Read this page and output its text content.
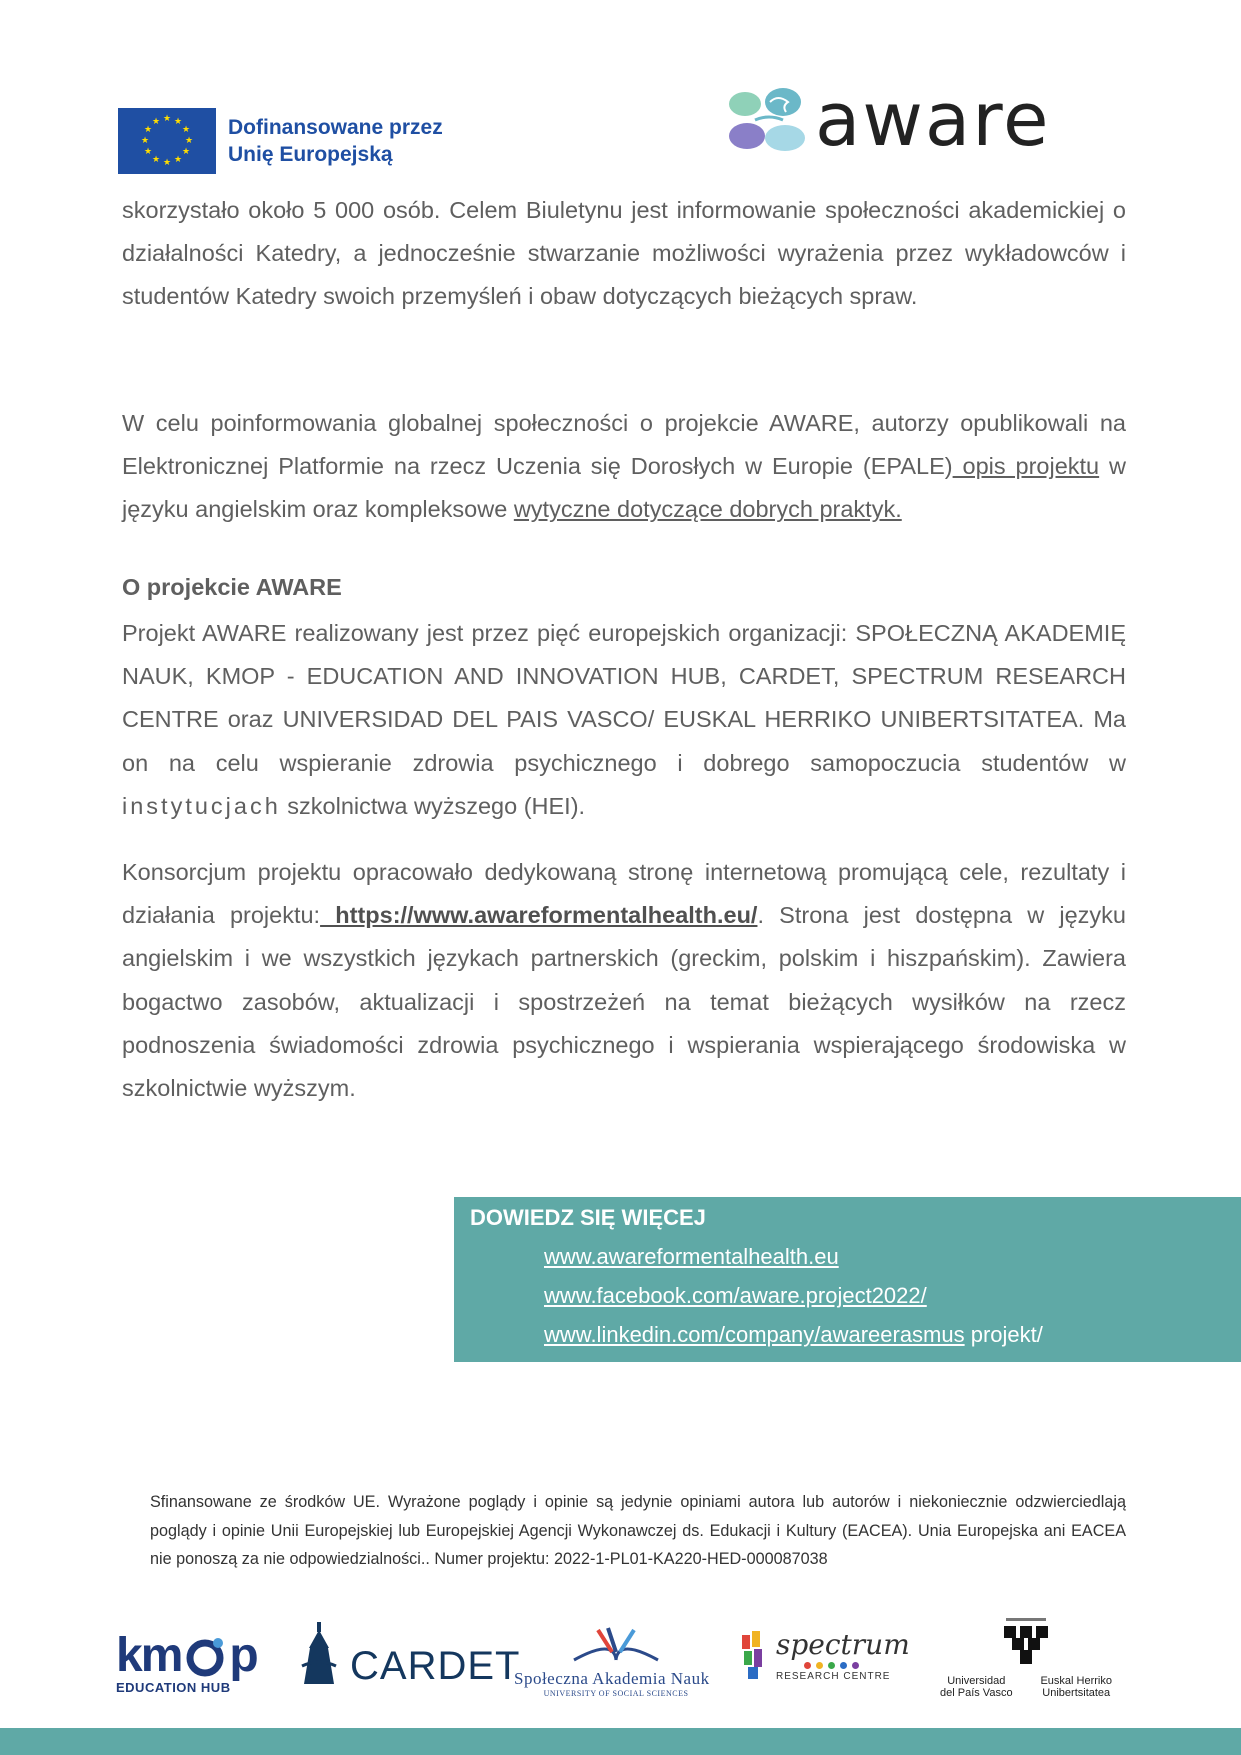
★ ★
★
★
★
★
★
★
★
★
★
★	Dofinansowane przez
Unię Europejską	aware

skorzystało około 5 000 osób. Celem Biuletynu jest informowanie społeczności akademickiej o działalności Katedry, a jednocześnie stwarzanie możliwości wyrażenia przez wykładowców i studentów Katedry swoich przemyśleń i obaw dotyczących bieżących spraw.

W celu poinformowania globalnej społeczności o projekcie AWARE, autorzy opublikowali na Elektronicznej Platformie na rzecz Uczenia się Dorosłych w Europie (EPALE) opis projektu w języku angielskim oraz kompleksowe wytyczne dotyczące dobrych praktyk.

O projekcie AWARE

Projekt AWARE realizowany jest przez pięć europejskich organizacji: SPOŁECZNĄ AKADEMIĘ NAUK, KMOP - EDUCATION AND INNOVATION HUB, CARDET, SPECTRUM RESEARCH CENTRE oraz UNIVERSIDAD DEL PAIS VASCO/ EUSKAL HERRIKO UNIBERTSITATEA. Ma on na celu wspieranie zdrowia psychicznego i dobrego samopoczucia studentów w instytucjach szkolnictwa wyższego (HEI).

Konsorcjum projektu opracowało dedykowaną stronę internetową promującą cele, rezultaty i działania projektu: https://www.awareformentalhealth.eu/. Strona jest dostępna w języku angielskim i we wszystkich językach partnerskich (greckim, polskim i hiszpańskim). Zawiera bogactwo zasobów, aktualizacji i spostrzeżeń na temat bieżących wysiłków na rzecz podnoszenia świadomości zdrowia psychicznego i wspierania wspierającego środowiska w szkolnictwie wyższym.

DOWIEDZ SIĘ WIĘCEJ
www.awareformentalhealth.eu
www.facebook.com/aware.project2022/
www.linkedin.com/company/awareerasmus projekt/

Sfinansowane ze środków UE. Wyrażone poglądy i opinie są jedynie opiniami autora lub autorów i niekoniecznie odzwierciedlają poglądy i opinie Unii Europejskiej lub Europejskiej Agencji Wykonawczej ds. Edukacji i Kultury (EACEA). Unia Europejska ani EACEA nie ponoszą za nie odpowiedzialności.. Numer projektu: 2022-1-PL01-KA220-HED-000087038

km p
EDUCATION HUB	CARDET
Społeczna Akademia Nauk
UNIVERSITY OF SOCIAL SCIENCES
spectrum
RESEARCH CENTRE	Universidad
del País Vasco
Euskal Herriko
Unibertsitatea
